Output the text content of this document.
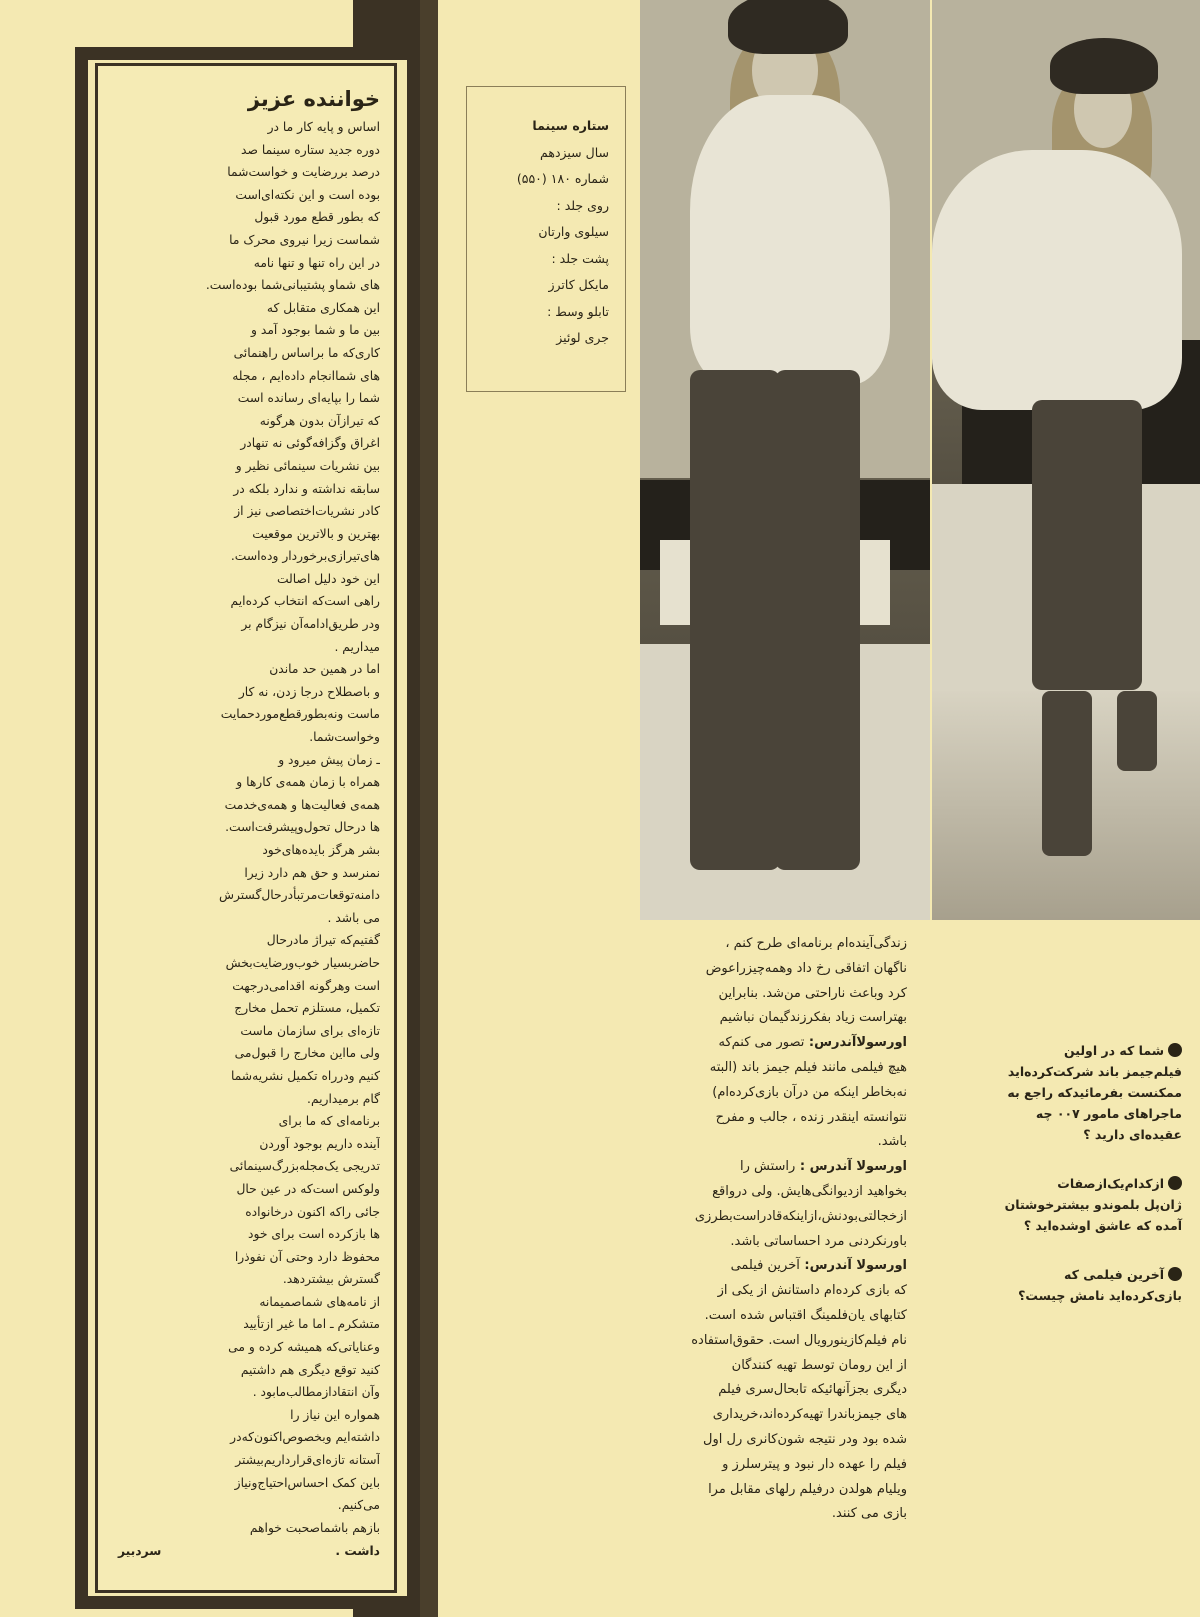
خواننده عزیز
اساس و پایه کار ما در
دوره جدید ستاره سینما صد
درصد بررضایت و خواست‌شما
بوده است و این نکته‌ای‌است
که بطور قطع مورد قبول
شماست زیرا نیروی محرک ما
در این راه تنها و تنها نامه
های شماو پشتیبانی‌شما بوده‌است.
این همکاری متقابل که
بین ما و شما بوجود آمد و
کاری‌که ما براساس راهنمائی
های شماانجام داده‌ایم ، مجله
شما را بپایه‌ای رسانده است
که تیرازآن بدون هرگونه
اغراق وگزافه‌گوئی نه تنهادر
بین نشریات سینمائی نظیر و
سابقه نداشته و ندارد بلکه در
کادر نشریات‌اختصاصی نیز از
بهترین و بالاترین موقعیت
های‌تیرازی‌برخوردار وده‌است.
این خود دلیل اصالت
راهی است‌که انتخاب کرده‌ایم
ودر طریق‌ادامه‌آن نیزگام بر
میداریم .
اما در همین حد ماندن
و باصطلاح درجا زدن، نه کار
ماست ونه‌بطورقطع‌موردحمایت
وخواست‌شما.
ـ زمان پیش میرود و
همراه با زمان همه‌ی کارها و
همه‌ی فعالیت‌ها و همه‌ی‌خدمت
ها درحال تحول‌وپیشرفت‌است.
بشر هرگز بایده‌های‌خود
نمنرسد و حق هم دارد زیرا
دامنه‌توقعات‌مرتبأدرحال‌گسترش
می باشد .
گفتیم‌که تیراژ مادرحال
حاضربسیار خوب‌ورضایت‌بخش
است وهرگونه اقدامی‌درجهت
تکمیل، مستلزم تحمل مخارج
تازه‌ای برای سازمان ماست
ولی مااین مخارج را قبول‌می
کنیم ودرراه تکمیل نشریه‌شما
گام برمیداریم.
برنامه‌ای که ما برای
آینده داریم بوجود آوردن
تدریجی یک‌مجله‌بزرگ‌سینمائی
ولوکس است‌که در عین حال
جائی راکه اکنون درخانواده
ها بازکرده است برای خود
محفوظ دارد وحتی آن نفوذرا
گسترش بیشتردهد.
از نامه‌های شماصمیمانه
متشکرم ـ اما ما غیر ازتأیید
وعنایاتی‌که همیشه کرده و می
کنید توقع دیگری هم داشتیم
وآن انتقادازمطالب‌مابود .
همواره این نیاز را
داشته‌ایم وبخصوص‌اکنون‌کەدر
آستانه تازه‌ای‌قرارداریم‌بیشتر
باین کمک احساس‌احتیاج‌ونیاز
می‌کنیم.
بازهم باشماصحبت خواهم
داشت .
سردبیر
ستاره سینما
سال سیزدهم
شماره ۱۸۰ (۵۵۰)
روی جلد :
سیلوی وارتان
پشت جلد :
مایکل کاترز
تابلو وسط :
جری لوئیز
زندگی‌آینده‌ام برنامه‌ای طرح کنم ،
ناگهان اتفاقی رخ داد وهمه‌چیزراعوض
کرد وباعث ناراحتی من‌شد. بنابراین
بهتراست زیاد بفکرزندگیمان نباشیم
اورسولاآندرس: تصور می کنم‌که
هیچ فیلمی مانند فیلم جیمز باند (البته
نەبخاطر اینکه من درآن بازی‌کرده‌ام)
نتوانسته اینقدر زنده ، جالب و مفرح
باشد.
اورسولا آندرس : راستش را
بخواهید ازدیوانگی‌هایش. ولی درواقع
ازخجالتی‌بودنش،ازاینکه‌قادراست‌بطرزی
باورنکردنی مرد احساساتی باشد.
اورسولا آندرس: آخرین فیلمی
که بازی کرده‌ام داستانش از یکی از
کتابهای یان‌فلمینگ اقتباس شده است.
نام فیلم‌کازینورویال است. حقوق‌استفاده
از این رومان توسط تهیه کنندگان
دیگری بجزآنهائیکه تابحال‌سری فیلم
های جیمزباندرا تهیه‌کرده‌اند،خریداری
شده بود ودر نتیجه شون‌کانری رل اول
فیلم را عهده دار نبود و پیترسلرز و
ویلیام هولدن درفیلم رلهای مقابل مرا
بازی می کنند.
شما که در اولین
فیلم‌جیمز باند شرکت‌کرده‌اید
ممکنست بفرمائیدکه راجع به
ماجراهای مامور ۰۰۷ چه
عقیده‌ای دارید ؟
ازکدام‌یک‌ازصفات
ژان‌پل بلموندو بیشترخوشتان
آمده که عاشق اوشده‌اید ؟
آخرین فیلمی که
بازی‌کرده‌اید نامش چیست؟
